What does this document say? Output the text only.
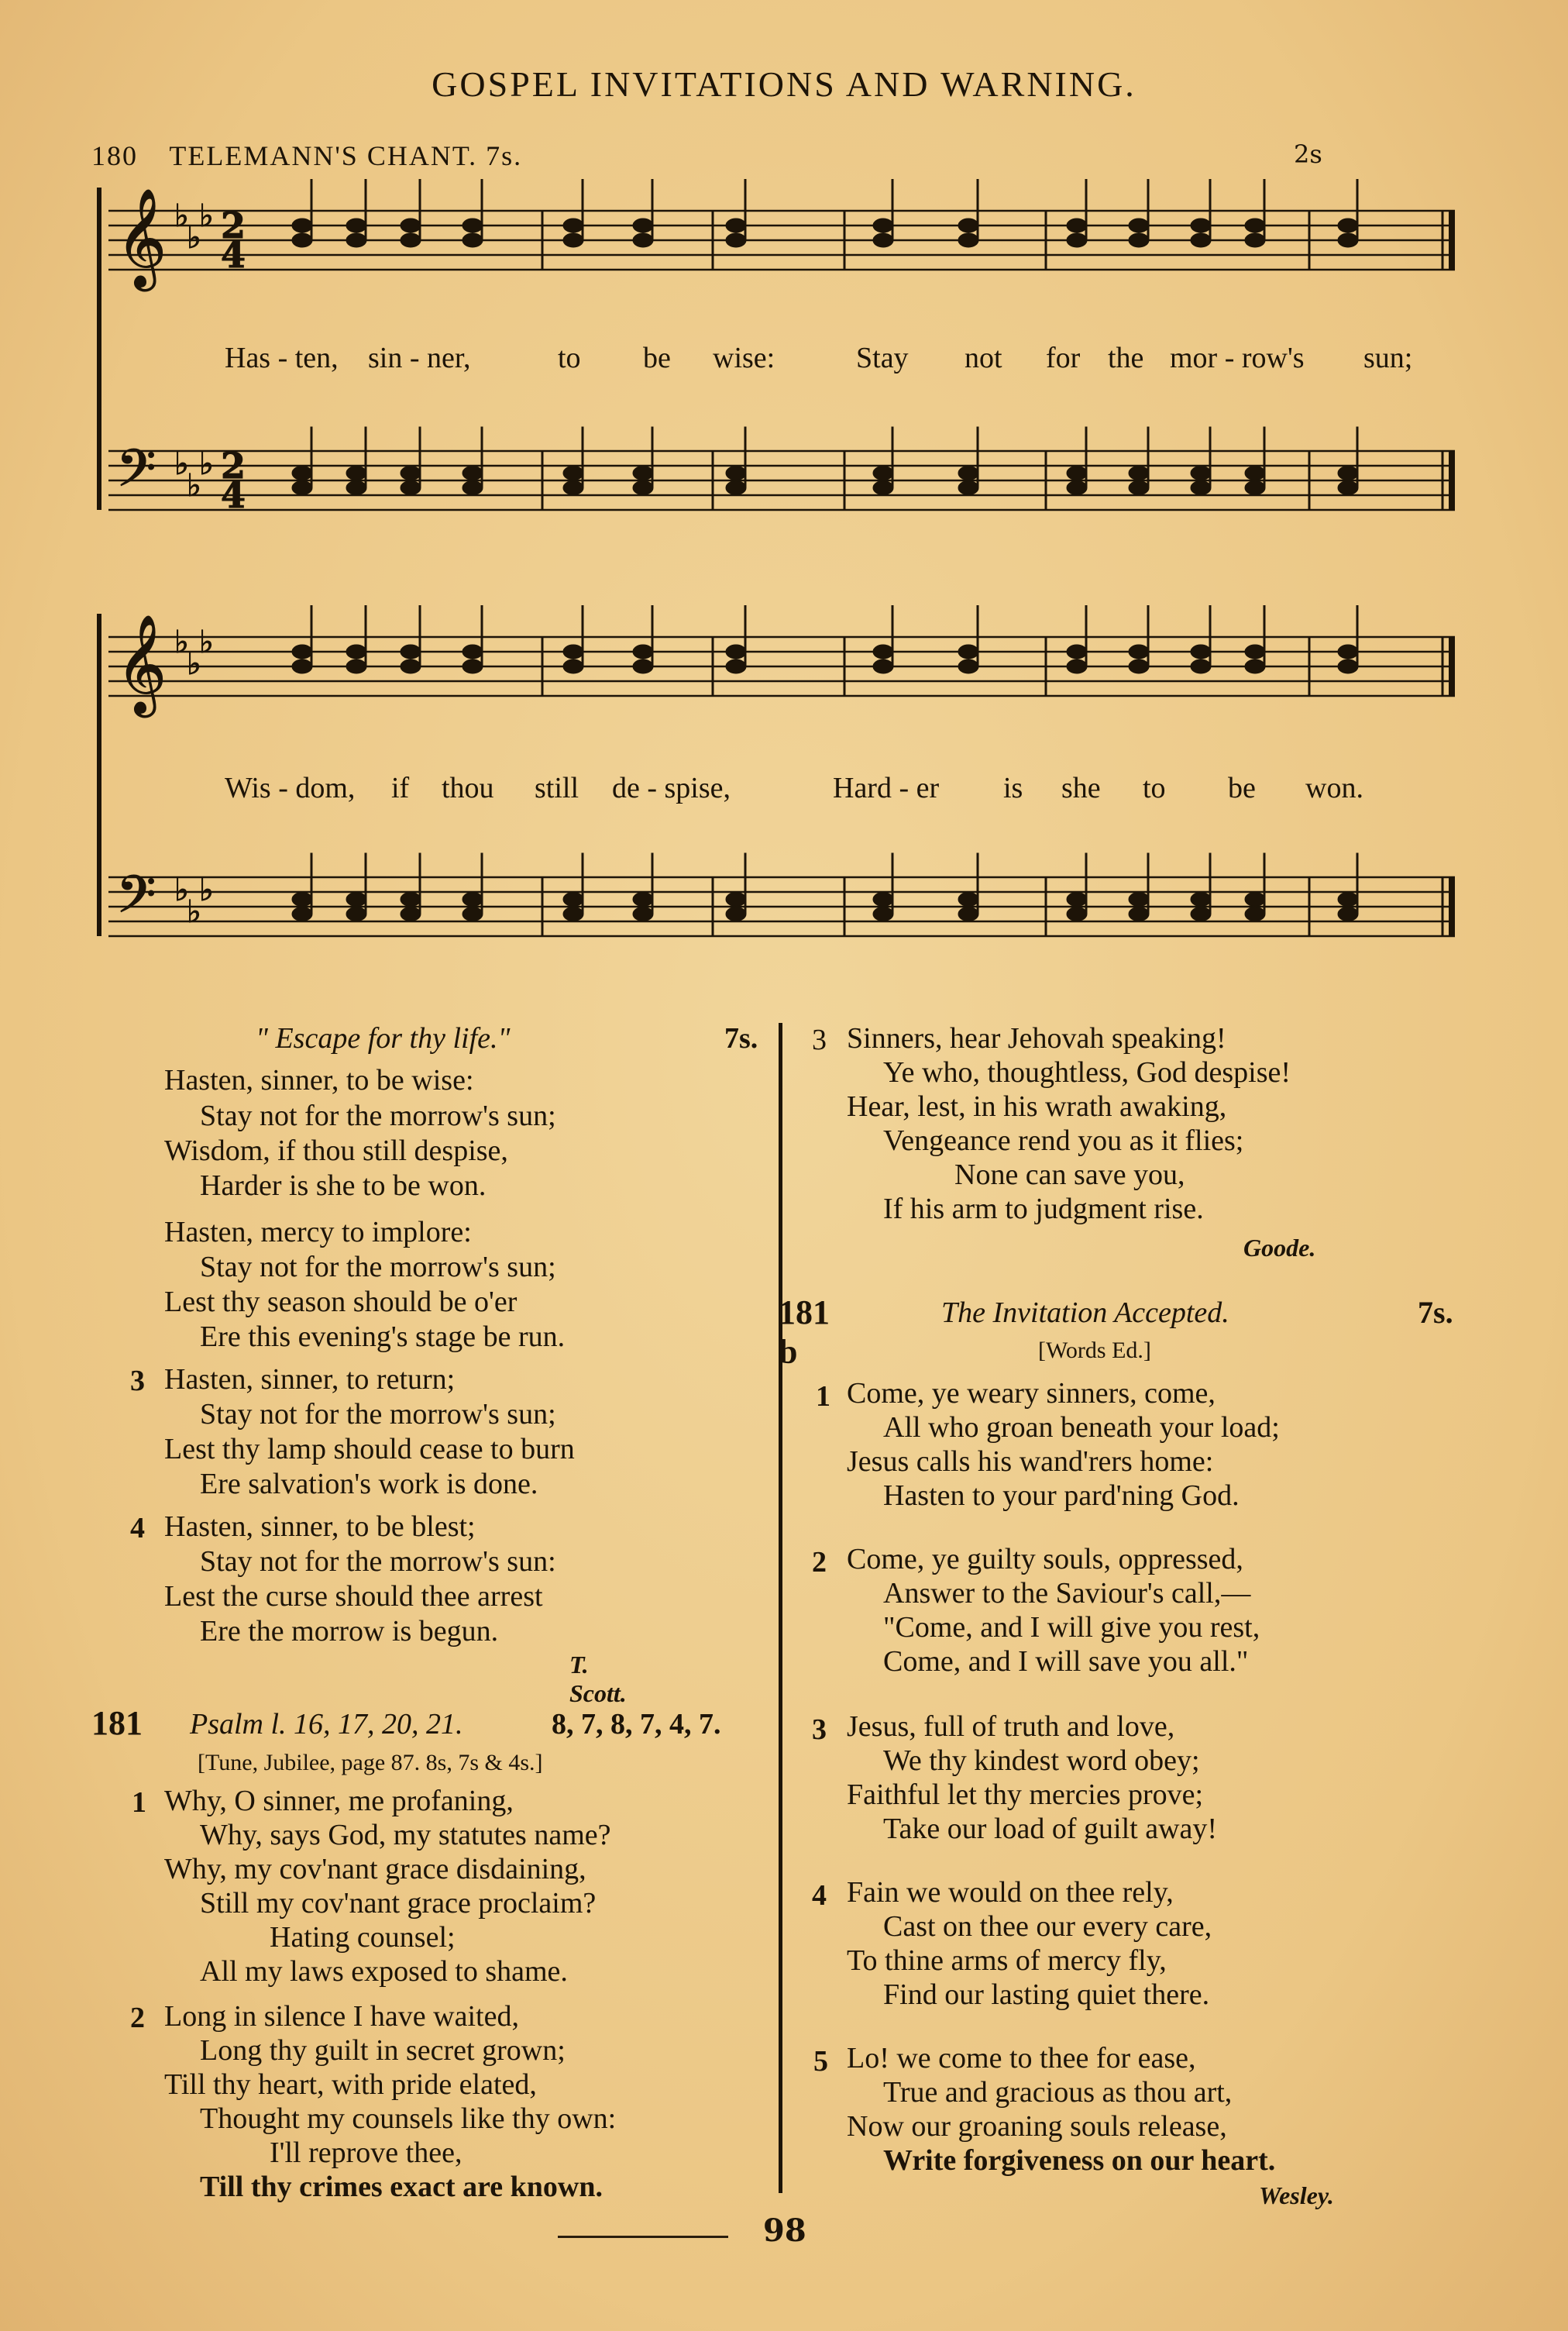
GOSPEL INVITATIONS AND WARNING.
180 TELEMANN'S CHANT. 7s.	2s
𝄞 ♭
♭
♭ 2
4
𝄢 ♭
♭
♭ 2
4
𝄞 ♭
♭
♭
𝄢 ♭
♭
♭
Has - ten, sin - ner,	to be wise:	Stay not for the mor - row's sun;
Wis - dom, if thou still de - spise,	Hard - er is she to be won.
" Escape for thy life."	7s.
Hasten, sinner, to be wise:
Stay not for the morrow's sun;
Wisdom, if thou still despise,
Harder is she to be won.
Hasten, mercy to implore:
Stay not for the morrow's sun;
Lest thy season should be o'er
Ere this evening's stage be run.
3 Hasten, sinner, to return;
Stay not for the morrow's sun;
Lest thy lamp should cease to burn
Ere salvation's work is done.
4 Hasten, sinner, to be blest;
Stay not for the morrow's sun:
Lest the curse should thee arrest
Ere the morrow is begun.
T. Scott.
181 Psalm l. 16, 17, 20, 21.	8, 7, 8, 7, 4, 7.
[Tune, Jubilee, page 87. 8s, 7s & 4s.]
1 Why, O sinner, me profaning,
Why, says God, my statutes name?
Why, my cov'nant grace disdaining,
Still my cov'nant grace proclaim?
Hating counsel;
All my laws exposed to shame.
2 Long in silence I have waited,
Long thy guilt in secret grown;
Till thy heart, with pride elated,
Thought my counsels like thy own:
I'll reprove thee,
Till thy crimes exact are known.
3 Sinners, hear Jehovah speaking!
Ye who, thoughtless, God despise!
Hear, lest, in his wrath awaking,
Vengeance rend you as it flies;
None can save you,
If his arm to judgment rise.
Goode.
181 b
The Invitation Accepted.	7s.
[Words Ed.]
1 Come, ye weary sinners, come,
All who groan beneath your load;
Jesus calls his wand'rers home:
Hasten to your pard'ning God.
2 Come, ye guilty souls, oppressed,
Answer to the Saviour's call,—
"Come, and I will give you rest,
Come, and I will save you all."
3 Jesus, full of truth and love,
We thy kindest word obey;
Faithful let thy mercies prove;
Take our load of guilt away!
4 Fain we would on thee rely,
Cast on thee our every care,
To thine arms of mercy fly,
Find our lasting quiet there.
5 Lo! we come to thee for ease,
True and gracious as thou art,
Now our groaning souls release,
Write forgiveness on our heart.
Wesley.
98
